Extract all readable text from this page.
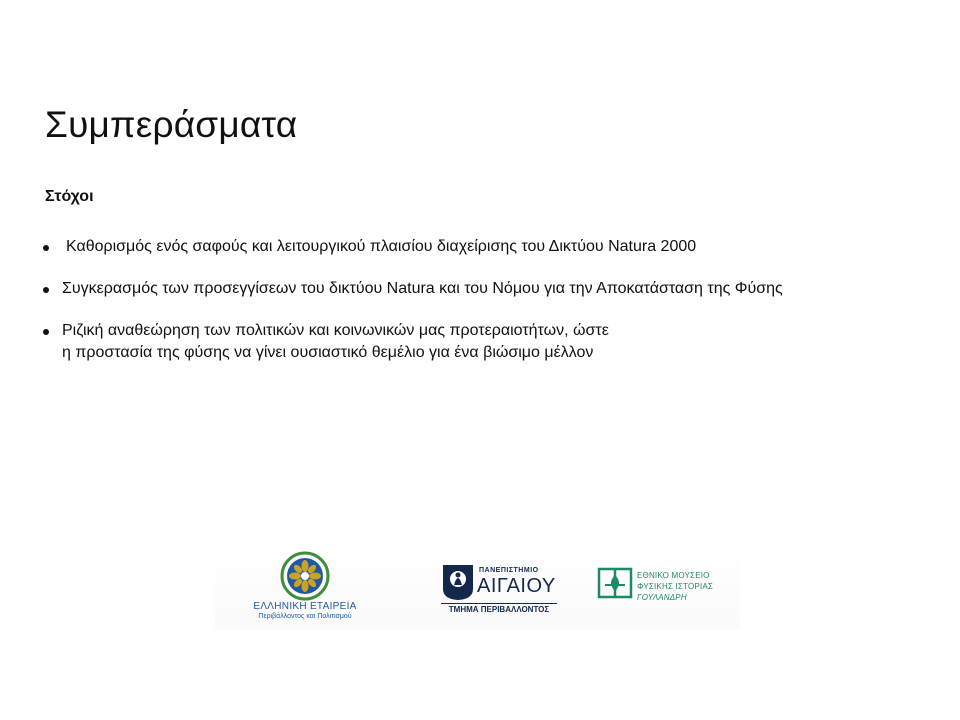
Συμπεράσματα
Στόχοι
Καθορισμός ενός σαφούς και λειτουργικού πλαισίου διαχείρισης του Δικτύου Natura 2000
Συγκερασμός των προσεγγίσεων του δικτύου Natura και του Νόμου για την Αποκατάσταση της Φύσης
Ριζική αναθεώρηση των πολιτικών και κοινωνικών μας προτεραιοτήτων, ώστε
η προστασία της φύσης να γίνει ουσιαστικό θεμέλιο για ένα βιώσιμο μέλλον
ΕΛΛΗΝΙΚΗ ΕΤΑΙΡΕΙΑ
Περιβάλλοντος και Πολιτισμού
ΠΑΝΕΠΙΣΤΗΜΙΟ
ΑΙΓΑΙΟΥ
ΤΜΗΜΑ ΠΕΡΙΒΑΛΛΟΝΤΟΣ
ΕΘΝΙΚΟ ΜΟΥΣΕΙΟ
ΦΥΣΙΚΗΣ ΙΣΤΟΡΙΑΣ
ΓΟΥΛΑΝΔΡΗ
